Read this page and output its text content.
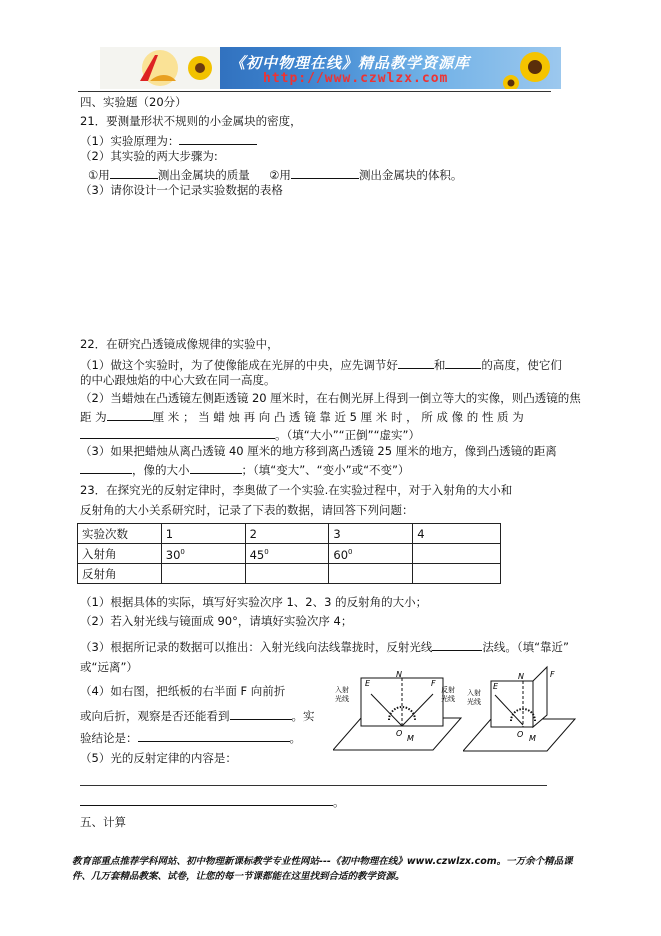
《初中物理在线》精品教学资源库
http://www.czwlzx.com
四、实验题（20分）
21．要测量形状不规则的小金属块的密度，
（1）实验原理为：
（2）其实验的两大步骤为:
①用	测出金属块的质量 ②用	测出金属块的体积。
（3）请你设计一个记录实验数据的表格
22．在研究凸透镜成像规律的实验中，
（1）做这个实验时，为了使像能成在光屏的中央，应先调节好	和	的高度，使它们
的中心跟烛焰的中心大致在同一高度。
（2）当蜡烛在凸透镜左侧距透镜 20 厘米时，在右侧光屏上得到一倒立等大的实像，则凸透镜的焦
距 为	厘 米 ； 当 蜡 烛 再 向 凸 透 镜 靠 近 5 厘 米 时 ， 所 成 像 的 性 质 为
。（填“大小”“正倒”“虚实”）
（3）如果把蜡烛从离凸透镜 40 厘米的地方移到离凸透镜 25 厘米的地方，像到凸透镜的距离
，像的大小	；（填“变大”、“变小”或“不变”）
23．在探究光的反射定律时，李奥做了一个实验.在实验过程中，对于入射角的大小和
反射角的大小关系研究时，记录了下表的数据，请回答下列问题：
实验次数	1	2	3	4
入射角	$30^0$	$45^0$	$60^0$	
反射角				
（1）根据具体的实际，填写好实验次序 1、2、3 的反射角的大小；
（2）若入射光线与镜面成 90°，请填好实验次序 4；
（3）根据所记录的数据可以推出：入射光线向法线靠拢时，反射光线	法线。（填“靠近”
或“远离”）
（4）如右图，把纸板的右半面 F 向前折
或向后折，观察是否还能看到	。实
验结论是：	。
（5）光的反射定律的内容是：
。
E
N
F
O
M
入射
光线
反射
光线
E
N	F
O M
入射
光线
五、计算
教育部重点推荐学科网站、初中物理新课标教学专业性网站---《初中物理在线》www.czwlzx.com。一万余个精品课
件、几万套精品教案、试卷，让您的每一节课都能在这里找到合适的教学资源。
